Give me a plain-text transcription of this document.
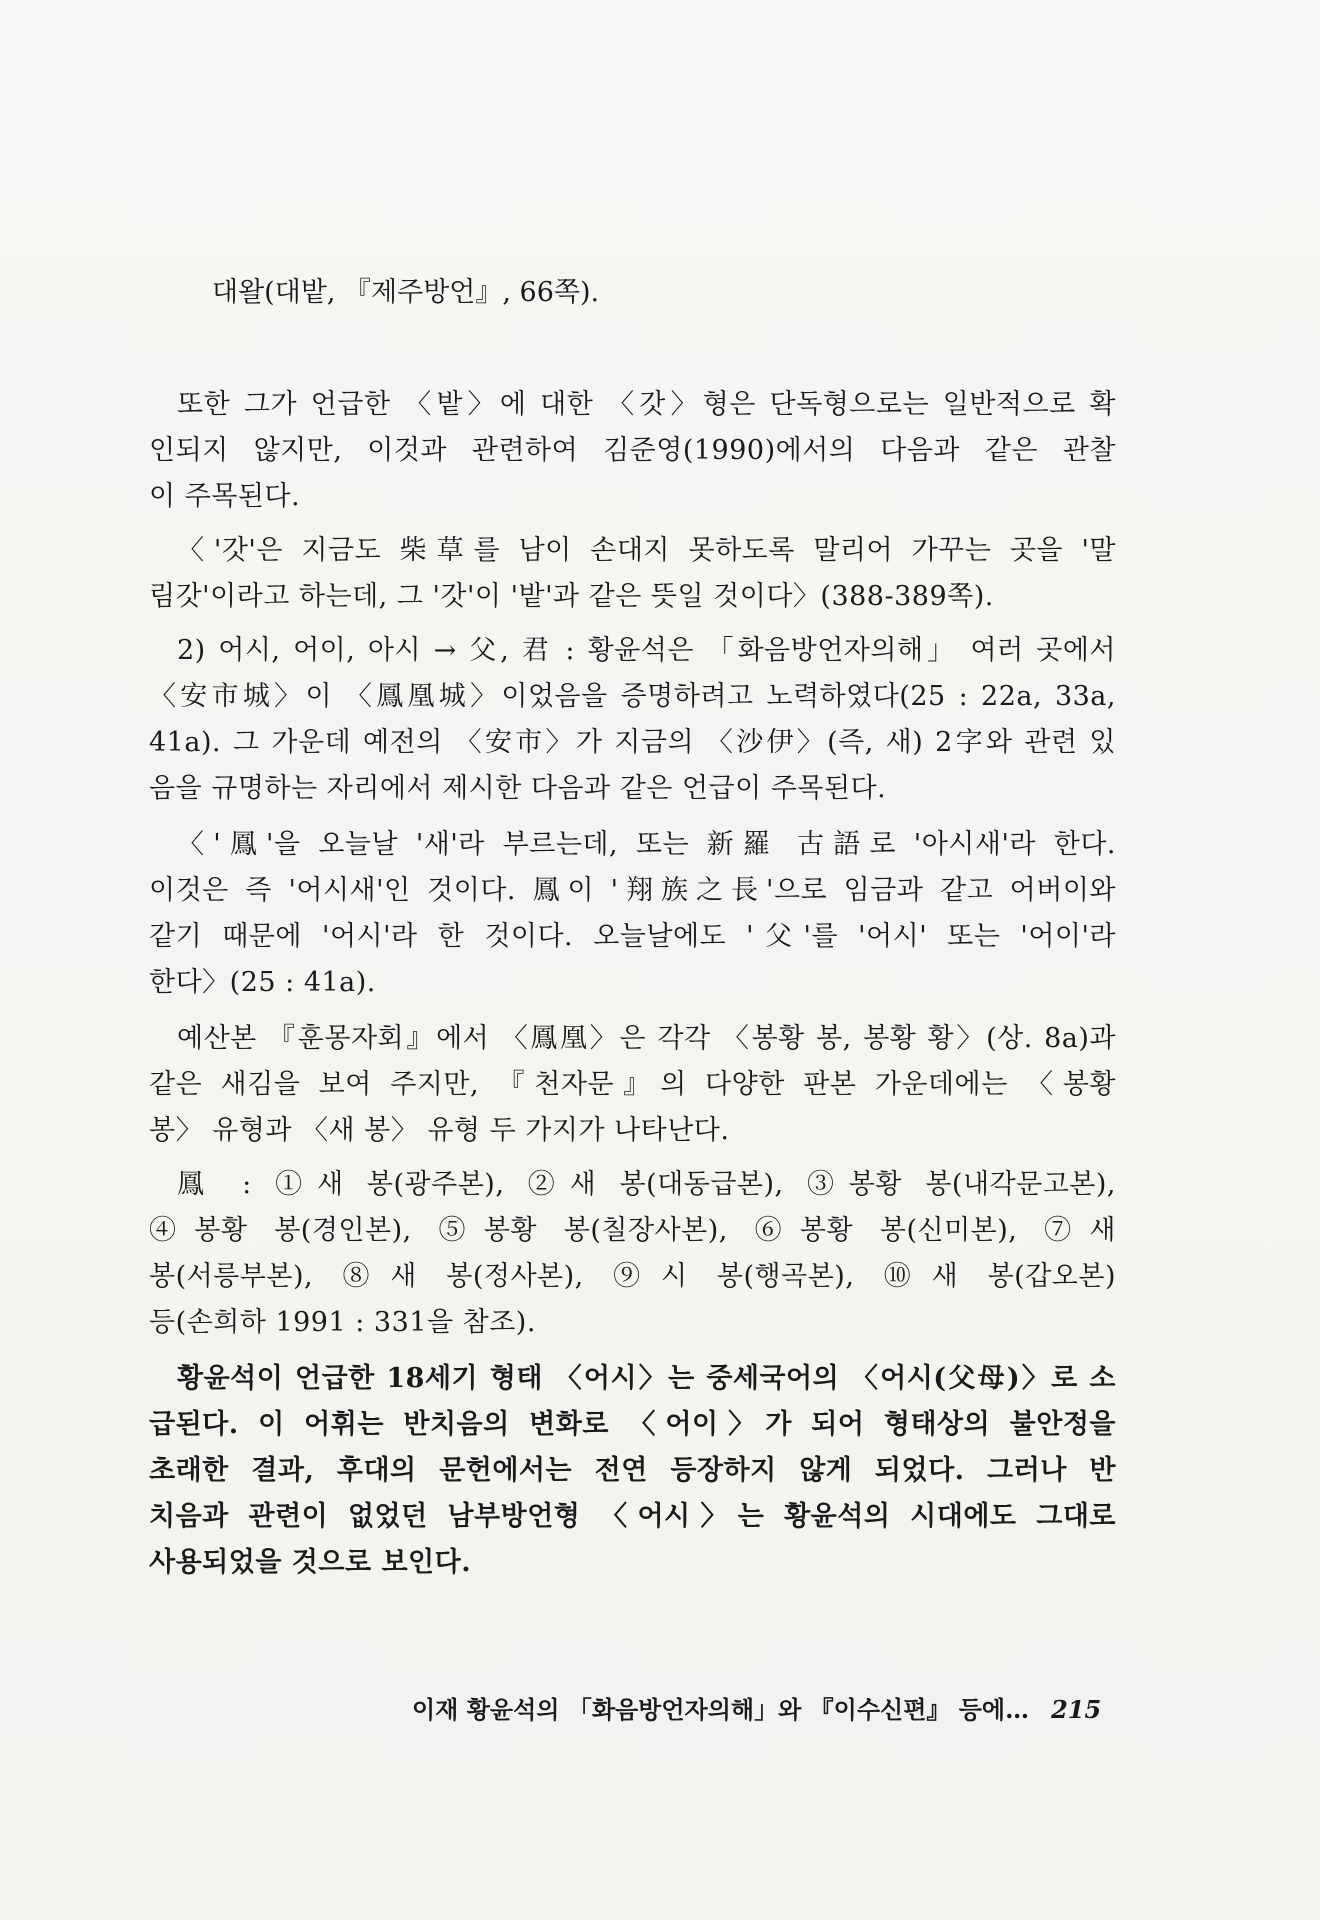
대왈(대밭, 『제주방언』, 66쪽).
또한 그가 언급한 〈밭〉에 대한 〈갓〉형은 단독형으로는 일반적으로 확
인되지 않지만, 이것과 관련하여 김준영(1990)에서의 다음과 같은 관찰
이 주목된다.
〈'갓'은 지금도 柴草를 남이 손대지 못하도록 말리어 가꾸는 곳을 '말
림갓'이라고 하는데, 그 '갓'이 '밭'과 같은 뜻일 것이다〉(388-389쪽).
2) 어시, 어이, 아시 → 父, 君 : 황윤석은 「화음방언자의해」 여러 곳에서
〈安市城〉이 〈鳳凰城〉이었음을 증명하려고 노력하였다(25 : 22a, 33a,
41a). 그 가운데 예전의 〈安市〉가 지금의 〈沙伊〉(즉, 새) 2字와 관련 있
음을 규명하는 자리에서 제시한 다음과 같은 언급이 주목된다.
〈'鳳'을 오늘날 '새'라 부르는데, 또는 新羅 古語로 '아시새'라 한다.
이것은 즉 '어시새'인 것이다. 鳳이 '翔族之長'으로 임금과 같고 어버이와
같기 때문에 '어시'라 한 것이다. 오늘날에도 '父'를 '어시' 또는 '어이'라
한다〉(25 : 41a).
예산본 『훈몽자회』에서 〈鳳凰〉은 각각 〈봉황 봉, 봉황 황〉(상. 8a)과
같은 새김을 보여 주지만, 『천자문』의 다양한 판본 가운데에는 〈봉황
봉〉 유형과 〈새 봉〉 유형 두 가지가 나타난다.
鳳 : ①새 봉(광주본), ②새 봉(대동급본), ③봉황 봉(내각문고본),
④봉황 봉(경인본), ⑤봉황 봉(칠장사본), ⑥봉황 봉(신미본), ⑦새
봉(서릉부본), ⑧새 봉(정사본), ⑨시 봉(행곡본), ⑩새 봉(갑오본)
등(손희하 1991 : 331을 참조).
황윤석이 언급한 18세기 형태 〈어시〉는 중세국어의 〈어시(父母)〉로 소
급된다. 이 어휘는 반치음의 변화로 〈어이〉가 되어 형태상의 불안정을
초래한 결과, 후대의 문헌에서는 전연 등장하지 않게 되었다. 그러나 반
치음과 관련이 없었던 남부방언형 〈어시〉는 황윤석의 시대에도 그대로
사용되었을 것으로 보인다.
이재 황윤석의 「화음방언자의해」와 『이수신편』 등에… 215
